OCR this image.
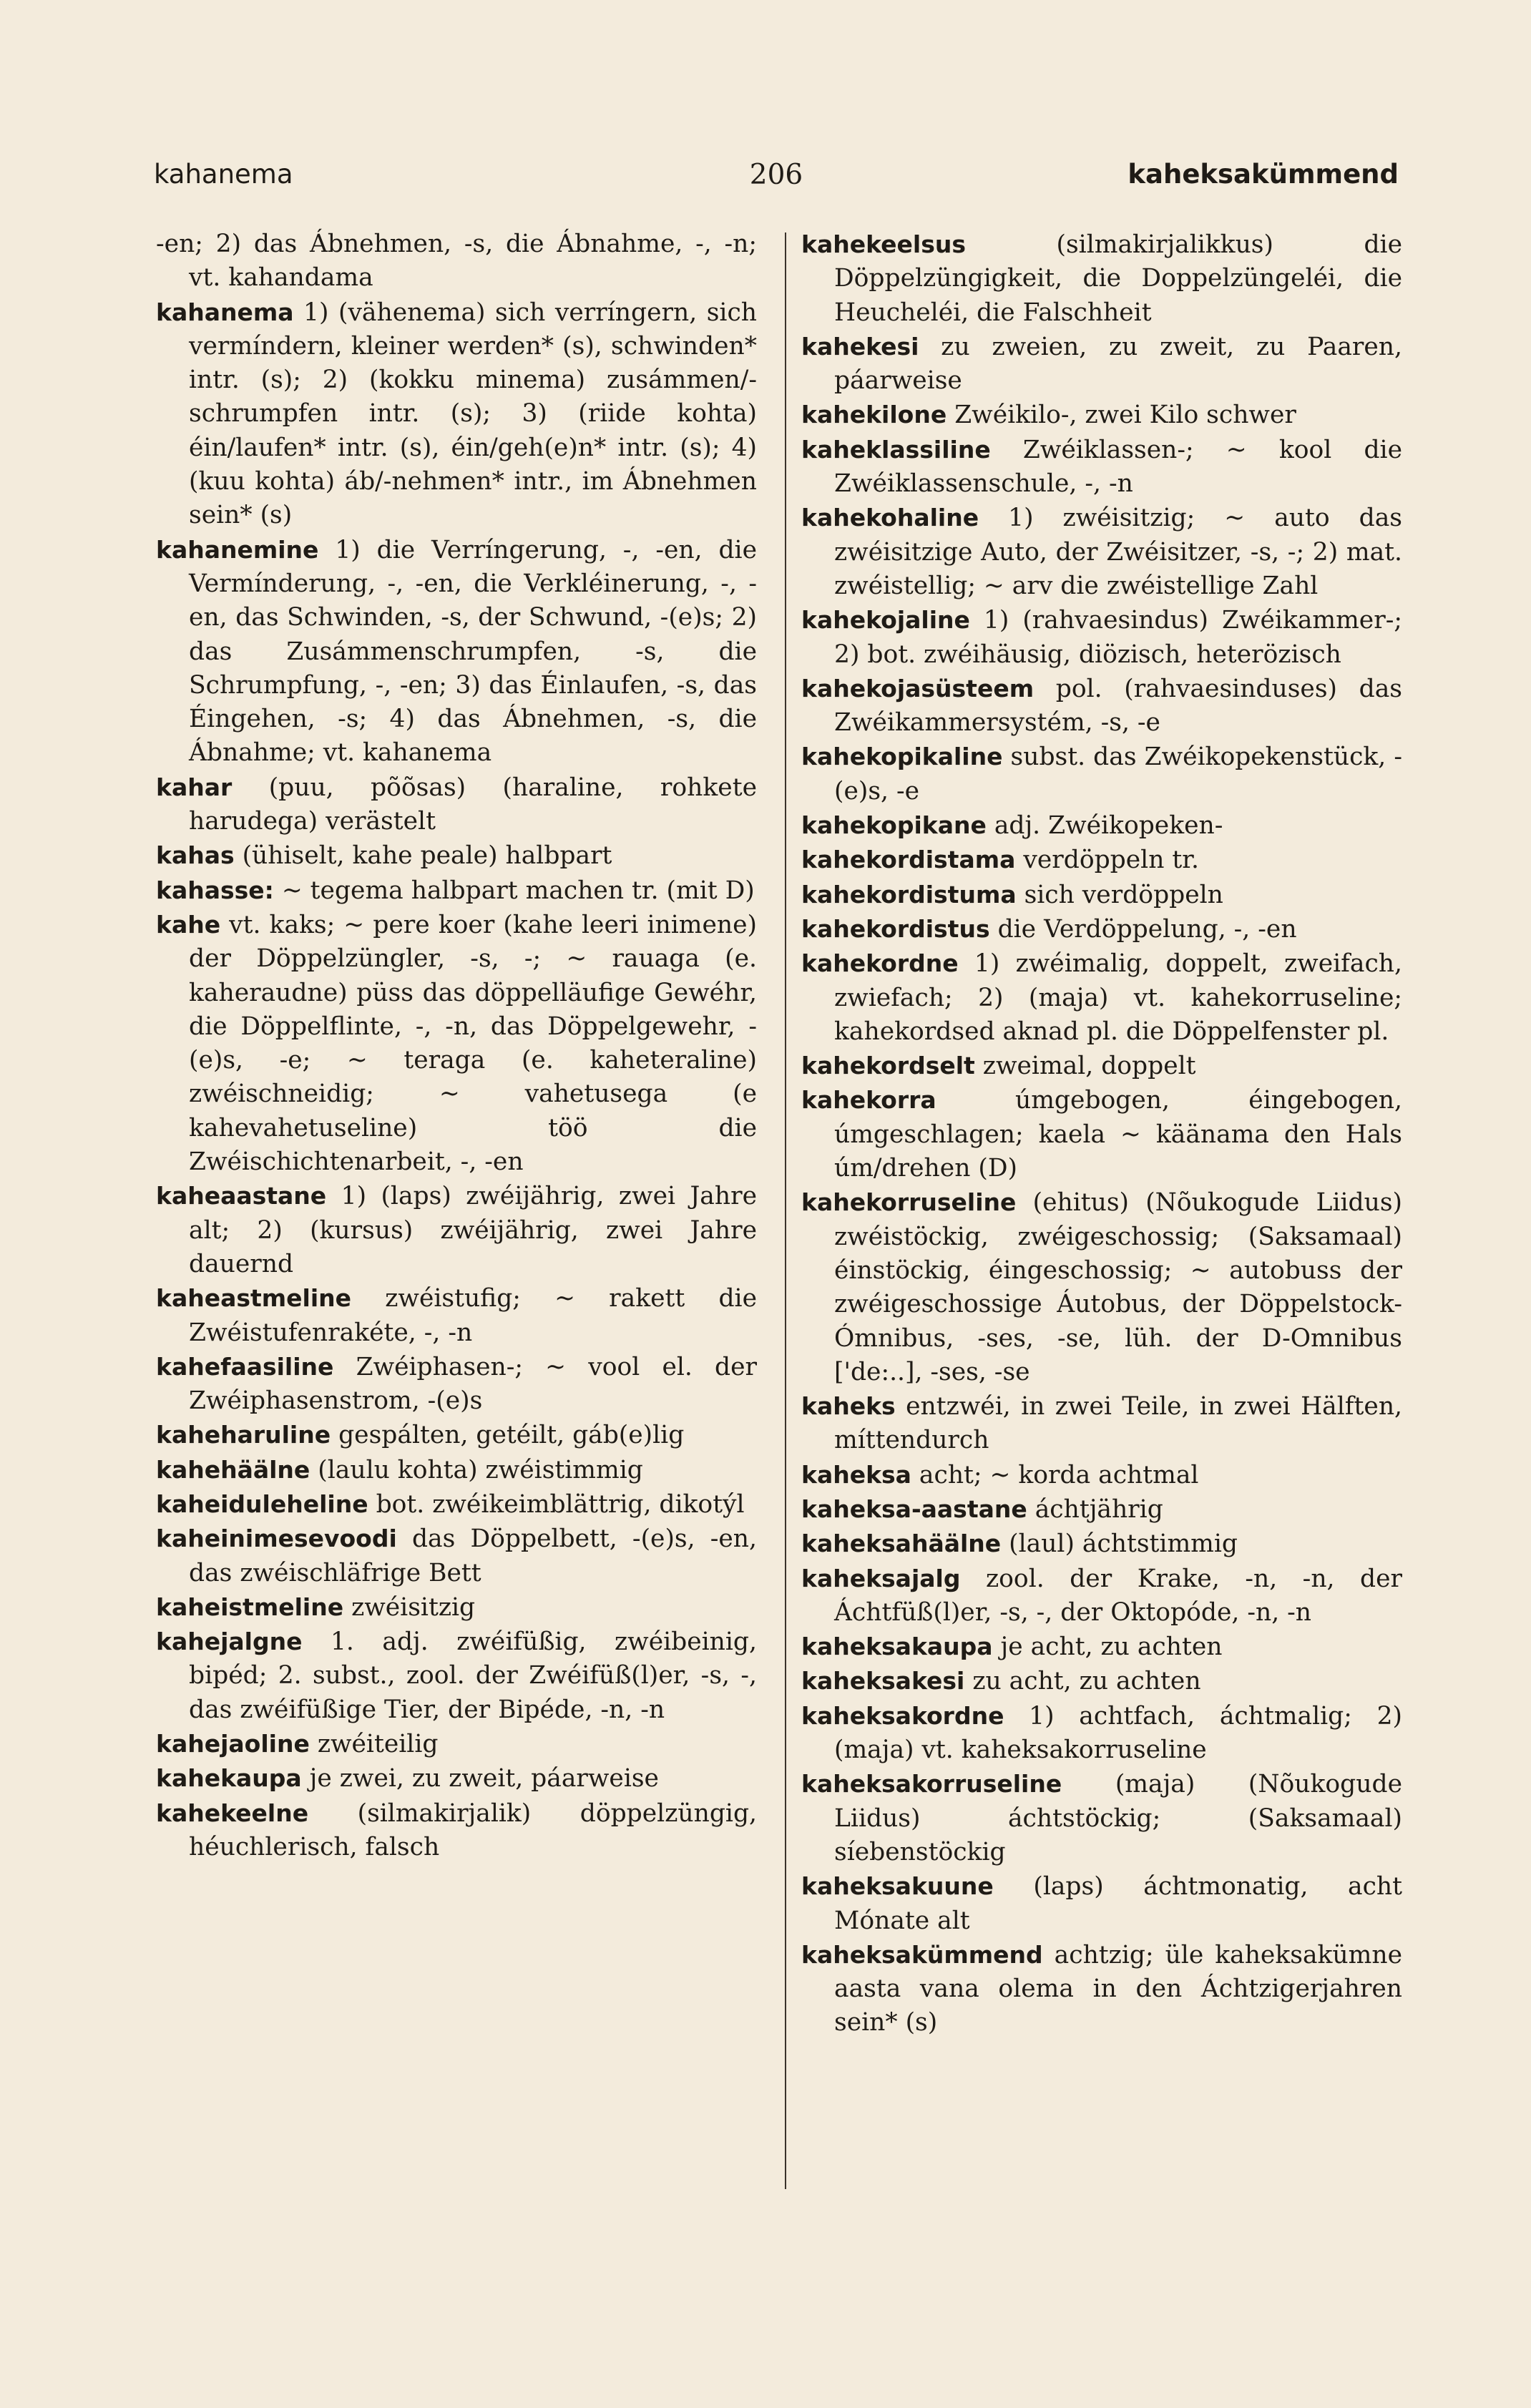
kahanema	206	kaheksakümmend
-en; 2) das Ábnehmen, -s, die Ábnahme, -, -n; vt. kahandama
kahanema 1) (vähenema) sich verríngern, sich vermíndern, kleiner werden* (s), schwinden* intr. (s); 2) (kokku minema) zusámmen/-schrumpfen intr. (s); 3) (riide kohta) éin/laufen* intr. (s), éin/geh(e)n* intr. (s); 4) (kuu kohta) áb/-nehmen* intr., im Ábnehmen sein* (s)
kahanemine 1) die Verríngerung, -, -en, die Vermínderung, -, -en, die Verkléinerung, -, -en, das Schwinden, -s, der Schwund, -(e)s; 2) das Zusámmenschrumpfen, -s, die Schrumpfung, -, -en; 3) das Éinlaufen, -s, das Éingehen, -s; 4) das Ábnehmen, -s, die Ábnahme; vt. kahanema
kahar (puu, põõsas) (haraline, rohkete harudega) verästelt
kahas (ühiselt, kahe peale) halbpart
kahasse: ~ tegema halbpart machen tr. (mit D)
kahe vt. kaks; ~ pere koer (kahe leeri inimene) der Döppelzüngler, -s, -; ~ rauaga (e. kaheraudne) püss das döppelläufige Gewéhr, die Döppelflinte, -, -n, das Döppelgewehr, -(e)s, -e; ~ teraga (e. kaheteraline) zwéischneidig; ~ vahetusega (e kahevahetuseline) töö die Zwéischichtenarbeit, -, -en
kaheaastane 1) (laps) zwéijährig, zwei Jahre alt; 2) (kursus) zwéijährig, zwei Jahre dauernd
kaheastmeline zwéistufig; ~ rakett die Zwéistufenrakéte, -, -n
kahefaasiline Zwéiphasen-; ~ vool el. der Zwéiphasenstrom, -(e)s
kaheharuline gespálten, getéilt, gáb(e)lig
kahehäälne (laulu kohta) zwéistimmig
kaheiduleheline bot. zwéikeimblättrig, dikotýl
kaheinimesevoodi das Döppelbett, -(e)s, -en, das zwéischläfrige Bett
kaheistmeline zwéisitzig
kahejalgne 1. adj. zwéifüßig, zwéibeinig, bipéd; 2. subst., zool. der Zwéifüß(l)er, -s, -, das zwéifüßige Tier, der Bipéde, -n, -n
kahejaoline zwéiteilig
kahekaupa je zwei, zu zweit, páarweise
kahekeelne (silmakirjalik) döppelzüngig, héuchlerisch, falsch
kahekeelsus	(silmakirjalikkus) die Döppelzüngigkeit, die Doppelzüngeléi, die Heucheléi, die Falschheit
kahekesi zu zweien, zu zweit, zu Paaren, páarweise
kahekilone Zwéikilo-, zwei Kilo schwer
kaheklassiline Zwéiklassen-; ~ kool die Zwéiklassenschule, -, -n
kahekohaline 1) zwéisitzig; ~ auto das zwéisitzige Auto, der Zwéisitzer, -s, -; 2) mat. zwéistellig; ~ arv die zwéistellige Zahl
kahekojaline 1) (rahvaesindus) Zwéikammer-; 2) bot. zwéihäusig, diözisch, heterözisch
kahekojasüsteem pol. (rahvaesinduses) das Zwéikammersystém, -s, -e
kahekopikaline subst. das Zwéikopekenstück, -(e)s, -e
kahekopikane adj. Zwéikopeken-
kahekordistama verdöppeln tr.
kahekordistuma sich verdöppeln
kahekordistus die Verdöppelung, -, -en
kahekordne 1) zwéimalig, doppelt, zweifach, zwiefach; 2) (maja) vt. kahekorruseline; kahekordsed aknad pl. die Döppelfenster pl.
kahekordselt zweimal, doppelt
kahekorra	úmgebogen, éingebogen, úmgeschlagen; kaela ~ käänama den Hals úm/drehen (D)
kahekorruseline (ehitus) (Nõukogude Liidus) zwéistöckig, zwéigeschossig; (Saksamaal) éinstöckig, éingeschossig; ~ autobuss der zwéigeschossige Áutobus, der Döppelstock-Ómnibus, -ses, -se, lüh. der D-Omnibus ['de:..], -ses, -se
kaheks entzwéi, in zwei Teile, in zwei Hälften, míttendurch
kaheksa acht; ~ korda achtmal
kaheksa-aastane áchtjährig
kaheksahäälne (laul) áchtstimmig
kaheksajalg zool. der Krake, -n, -n, der Áchtfüß(l)er, -s, -, der Oktopóde, -n, -n
kaheksakaupa je acht, zu achten
kaheksakesi zu acht, zu achten
kaheksakordne 1) achtfach, áchtmalig; 2) (maja) vt. kaheksakorruseline
kaheksakorruseline (maja) (Nõukogude Liidus) áchtstöckig; (Saksamaal) síebenstöckig
kaheksakuune (laps) áchtmonatig, acht Mónate alt
kaheksakümmend achtzig; üle kaheksakümne aasta vana olema in den Áchtzigerjahren sein* (s)
